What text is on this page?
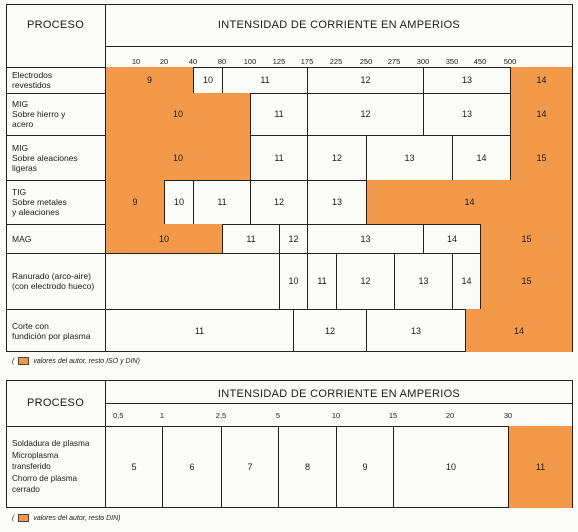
PROCESO	INTENSIDAD DE CORRIENTE EN AMPERIOS
10	20	40	80 100 125 175 225 250 275 300 350 450 500
Electrodos
revestidos	9	10	11	12	13	14
MIG
Sobre hierro y
acero
10	11	12	13	14
MIG
Sobre aleaciones
ligeras
10	11	12	13	14	15
TIG
Sobre metales
y aleaciones
9	10	11	12	13	14
MAG	10	11	12	13	14	15
Ranurado (arco-aire)
(con electrodo hueco)	10	11	12	13	14	15
Corte con
fundición por plasma	11	12	13	14
(	valores del autor, resto ISO y DIN)
PROCESO
INTENSIDAD DE CORRIENTE EN AMPERIOS
0,5	1	2,5	5	10	15	20	30
Soldadura de plasma
Microplasma
transferido
Chorro de plasma
cerrado
5	6	7	8	9	10	11
(	valores del autor, resto DIN)
